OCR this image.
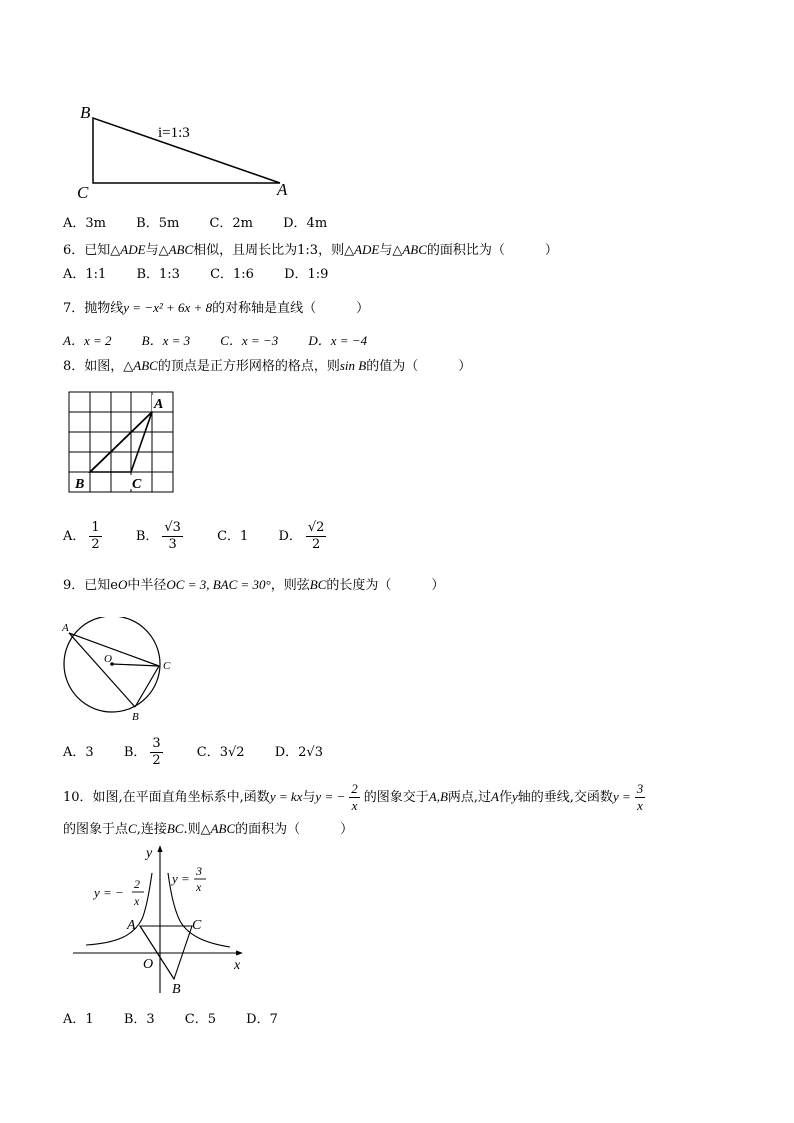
B
C	A
i=1:3
A．3m B．5m C．2m D．4m
6．已知△ADE与△ABC相似，且周长比为1:3，则△ADE与△ABC的面积比为（	）
A．1:1 B．1:3 C．1:6 D．1:9
7．抛物线y = −x² + 6x + 8的对称轴是直线（	）
A．x = 2 B．x = 3 C．x = −3 D．x = −4
8．如图，△ABC的顶点是正方形网格的格点，则sin B的值为（	）
A
B	C
A． $\frac{1}{2}$	B． $\frac{√3}{3}$	C．1 D． $\frac{√2}{2}$
9．已知eO中半径OC = 3, BAC = 30°，则弦BC的长度为（	）
A
O
C
B
A．3 B． $\frac{3}{2}$	C．3√2 D．2√3
10．如图,在平面直角坐标系中,函数y = kx与y = − $\frac{2}{x}$ 的图象交于A,B两点,过A作y轴的垂线,交函数$y = \frac{3}{x}$
的图象于点C,连接BC.则△ABC的面积为（	）
y
x
O
A	C
B
y = −
2
x
y = 3
x
A．1 B．3 C．5 D．7
